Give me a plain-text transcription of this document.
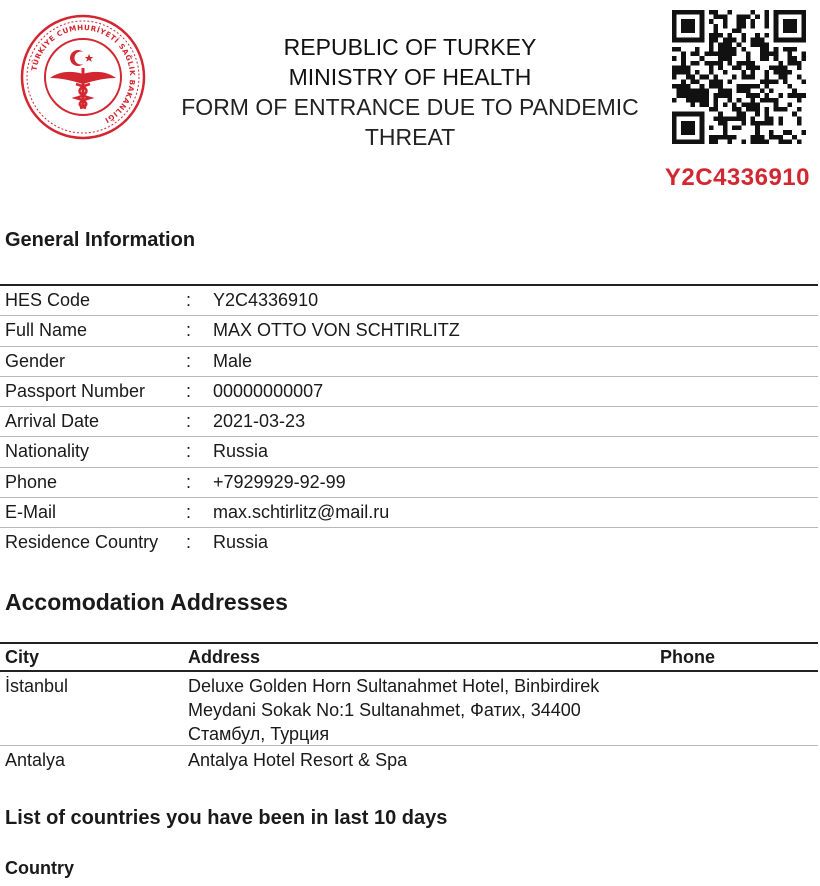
TÜRKİYE CUMHURİYETİ SAĞLIK BAKANLIĞI
REPUBLIC OF TURKEY
MINISTRY OF HEALTH
FORM OF ENTRANCE DUE TO PANDEMIC
THREAT
Y2C4336910
General Information
HES Code	: Y2C4336910
Full Name	: MAX OTTO VON SCHTIRLITZ
Gender	: Male
Passport Number : 00000000007
Arrival Date	: 2021-03-23
Nationality	: Russia
Phone	: +7929929-92-99
E-Mail	: max.schtirlitz@mail.ru
Residence Country : Russia
Accomodation Addresses
City	Address	Phone
İstanbul	Deluxe Golden Horn Sultanahmet Hotel, Binbirdirek
Meydani Sokak No:1 Sultanahmet, Фатих, 34400
Стамбул, Турция
Antalya	Antalya Hotel Resort & Spa
List of countries you have been in last 10 days
Country
